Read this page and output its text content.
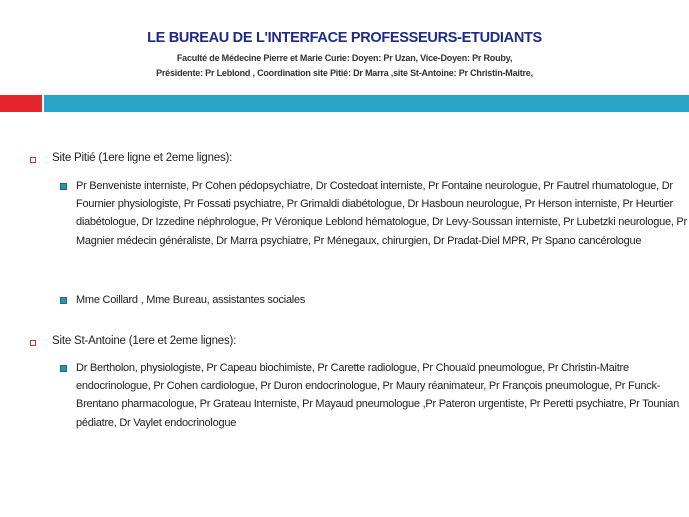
LE BUREAU DE L'INTERFACE PROFESSEURS-ETUDIANTS
Faculté de Médecine Pierre et Marie Curie: Doyen: Pr Uzan, Vice-Doyen: Pr Rouby,
Présidente: Pr Leblond , Coordination site Pitié: Dr Marra ,site St-Antoine: Pr Christin-Maitre,
Site Pitié (1ere ligne et 2eme lignes):
Pr Benveniste interniste, Pr Cohen pédopsychiatre, Dr Costedoat interniste, Pr Fontaine neurologue, Pr Fautrel rhumatologue, Dr Fournier physiologiste, Pr Fossati psychiatre, Pr Grimaldi diabétologue, Dr Hasboun neurologue, Pr Herson interniste, Pr Heurtier diabétologue, Dr Izzedine néphrologue, Pr Véronique Leblond hématologue, Dr Levy-Soussan interniste, Pr Lubetzki neurologue, Pr Magnier médecin généraliste, Dr Marra psychiatre, Pr Ménegaux, chirurgien, Dr Pradat-Diel MPR, Pr Spano cancérologue
Mme Coillard , Mme Bureau, assistantes sociales
Site St-Antoine (1ere et 2eme lignes):
Dr Bertholon, physiologiste, Pr Capeau biochimiste, Pr Carette radiologue, Pr Chouaïd pneumologue, Pr Christin-Maitre endocrinologue, Pr Cohen cardiologue, Pr Duron endocrinologue, Pr Maury réanimateur, Pr François pneumologue, Pr Funck-Brentano pharmacologue, Pr Grateau Interniste, Pr Mayaud pneumologue ,Pr Pateron urgentiste, Pr Peretti psychiatre, Pr Tounian pédiatre, Dr Vaylet endocrinologue
